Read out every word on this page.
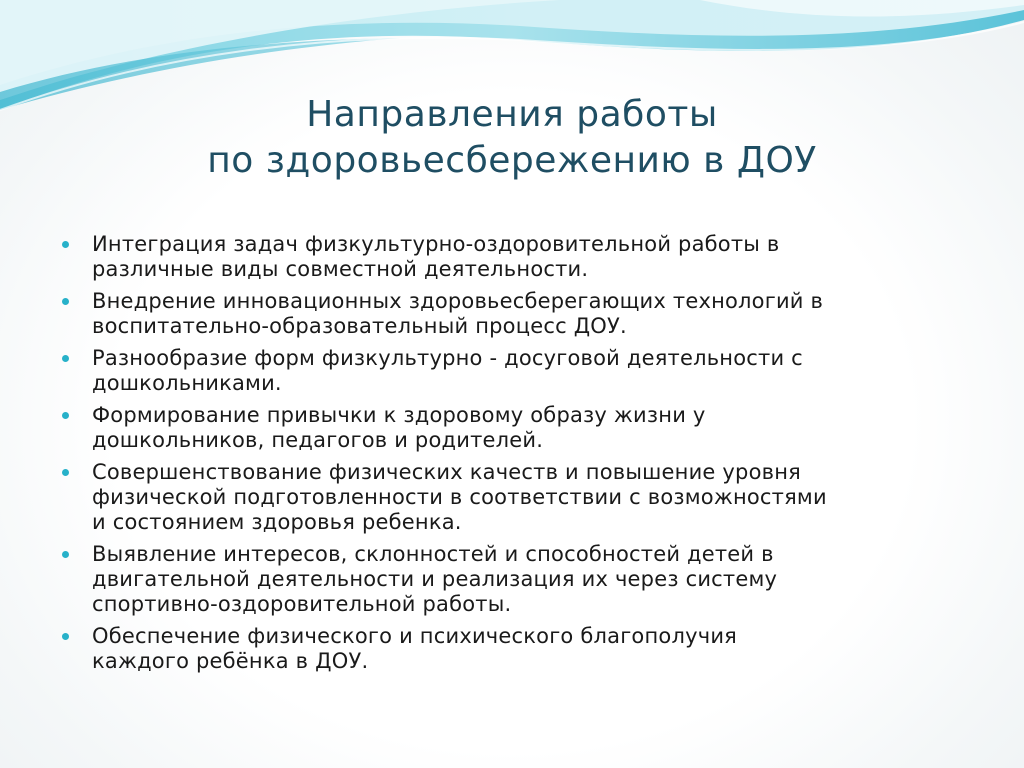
Направления работы
по здоровьесбережению в ДОУ
Интеграция задач физкультурно-оздоровительной работы в
различные виды совместной деятельности.
Внедрение инновационных здоровьесберегающих технологий в
воспитательно-образовательный процесс ДОУ.
Разнообразие форм физкультурно - досуговой деятельности с
дошкольниками.
Формирование привычки к здоровому образу жизни у
дошкольников, педагогов и родителей.
Совершенствование физических качеств и повышение уровня
физической подготовленности в соответствии с возможностями
и состоянием здоровья ребенка.
Выявление интересов, склонностей и способностей детей в
двигательной деятельности и реализация их через систему
спортивно-оздоровительной работы.
Обеспечение физического и психического благополучия
каждого ребёнка в ДОУ.
